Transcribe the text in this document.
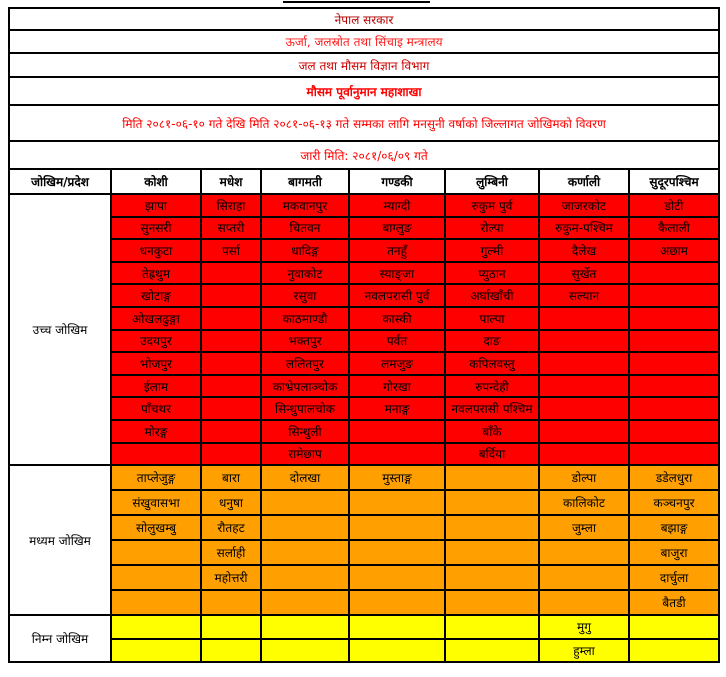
नेपाल सरकार							
ऊर्जा, जलस्रोत तथा सिंचाइ मन्त्रालय							
जल तथा मौसम विज्ञान विभाग							
मौसम पूर्वानुमान महाशाखा							
मिति २०८१-०६-१० गते देखि मिति २०८१-०६-१३ गते सम्मका लागि मनसुनी वर्षाको जिल्लागत जोखिमको विवरण							
जारी मिति: २०८१/०६/०९ गते							
जोखिम/प्रदेश	कोशी	मधेश	बागमती	गण्डकी	लुम्बिनी	कर्णाली	सुदूरपश्चिम
उच्च जोखिम	झापा	सिराहा	मकवानपुर	म्याग्दी	रुकुम पुर्व	जाजरकोट	डोटी
	सुनसरी	सप्तरी	चितवन	बाग्लुङ	रोल्पा	रुकुम-पश्चिम	कैलाली
	धनकुटा	पर्सा	धादिङ्ग	तनहुँ	गुल्मी	दैलेख	अछाम
	तेह्रथुम		नुवाकोट	स्याङ्जा	प्युठान	सुर्खेत	
	खोटाङ्ग		रसुवा	नवलपरासी पुर्व	अर्घाखाँची	सल्यान	
	ओखलढुङ्गा		काठमाण्डौ	कास्की	पाल्पा		
	उदयपुर		भक्तपुर	पर्वत	दाङ		
	भोजपुर		ललितपुर	लमजुङ	कपिलवस्तु		
	ईलाम		काभ्रेपलाञ्चोक	गोरखा	रुपन्देही		
	पाँचथर		सिन्धुपालचोक	मनाङ्ग	नवलपरासी पश्चिम		
	मोरङ्ग		सिन्धुली		बाँके		
			रामेछाप		बर्दिया		
मध्यम जोखिम	ताप्लेजुङ्ग	बारा	दोलखा	मुस्ताङ्ग		डोल्पा	डडेलधुरा
	संखुवासभा	धनुषा				कालिकोट	कञ्चनपुर
	सोलुखम्बु	रौतहट				जुम्ला	बझाङ्ग
		सर्लाही					बाजुरा
		महोत्तरी					दार्चुला
							बैतडी
निम्न जोखिम						मुगु	
						हुम्ला	
